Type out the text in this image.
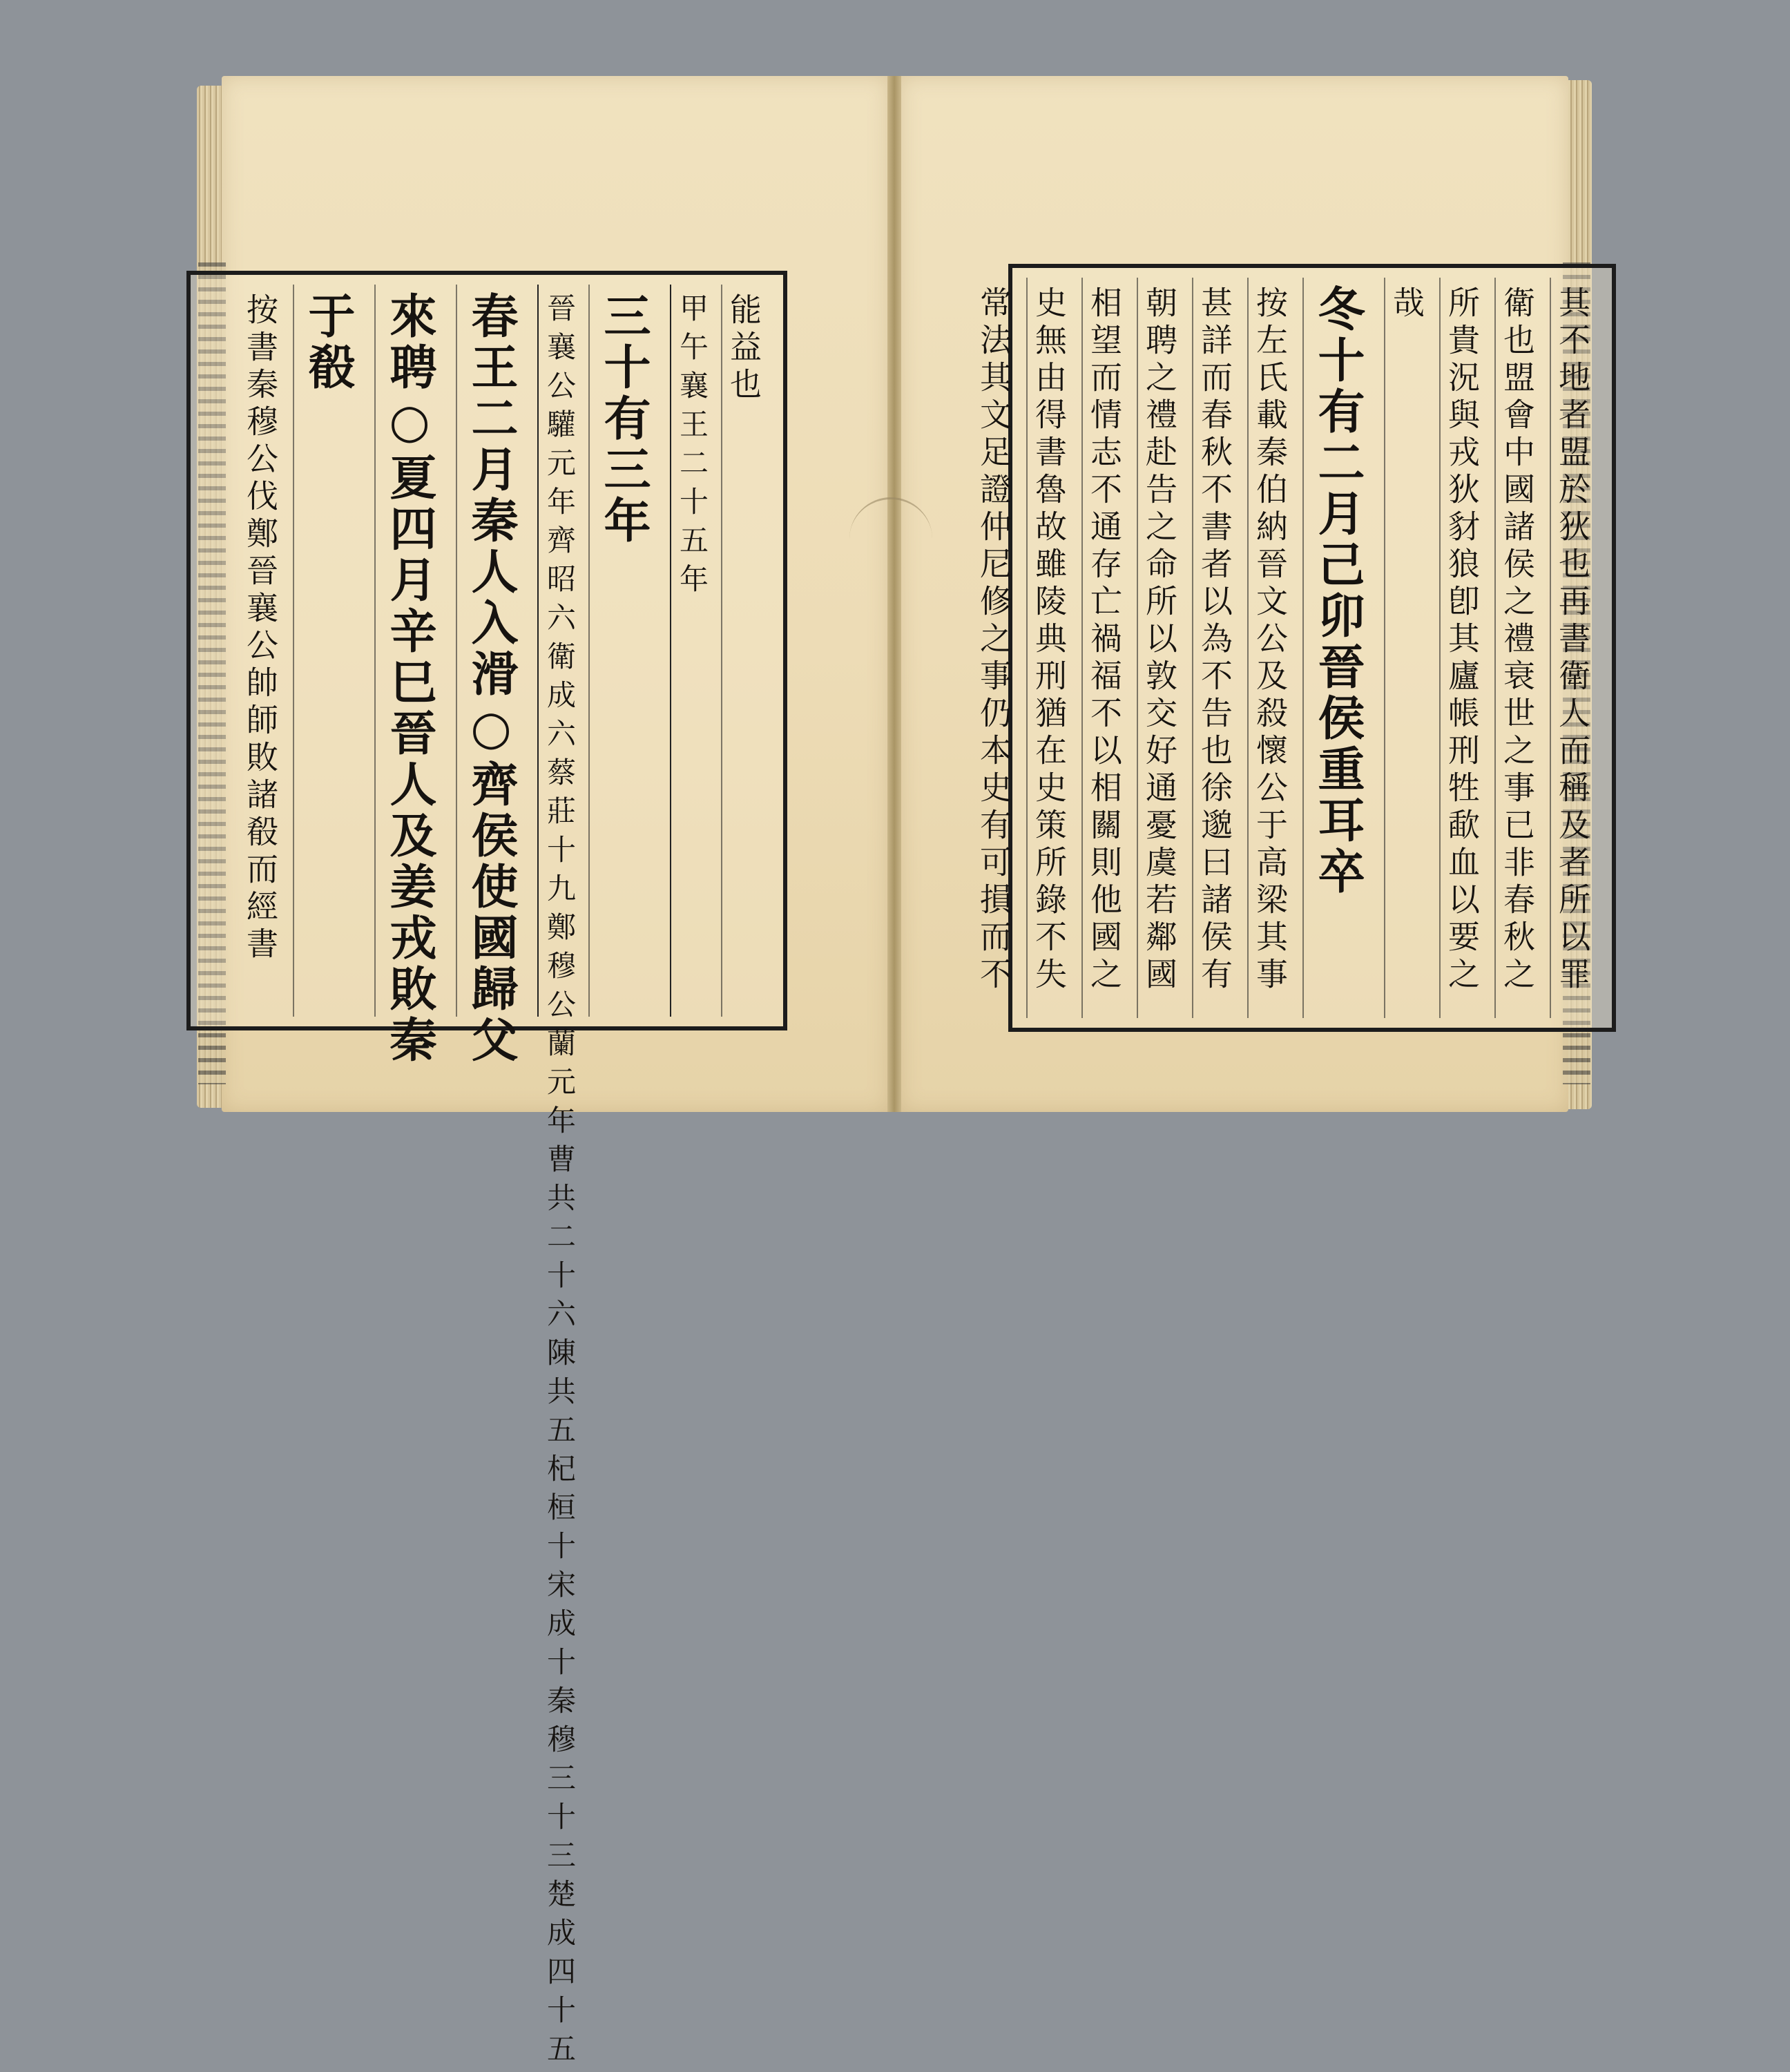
能益也
甲午襄王二十五年
三十有三年
晉襄公驩元年齊昭六衛成六蔡莊十九鄭穆公蘭元年曹共二十六陳共五杞桓十宋成十秦穆三十三楚成四十五
春王二月秦人入滑○齊侯使國歸父
來聘○夏四月辛巳晉人及姜戎敗秦
于殽
按書秦穆公伐鄭晉襄公帥師敗諸殽而經書	其不地者盟於狄也再書衛人而稱及者所以罪
衛也盟會中國諸侯之禮衰世之事已非春秋之
所貴況與戎狄豺狼卽其廬帳刑牲歃血以要之
哉
冬十有二月己卯晉侯重耳卒
按左氏載秦伯納晉文公及殺懷公于高梁其事
甚詳而春秋不書者以為不告也徐邈曰諸侯有
朝聘之禮赴告之命所以敦交好通憂虞若鄰國
相望而情志不通存亡禍福不以相關則他國之
史無由得書魯故雖陵典刑猶在史策所錄不失
常法其文足證仲尼修之事仍本史有可損而不
